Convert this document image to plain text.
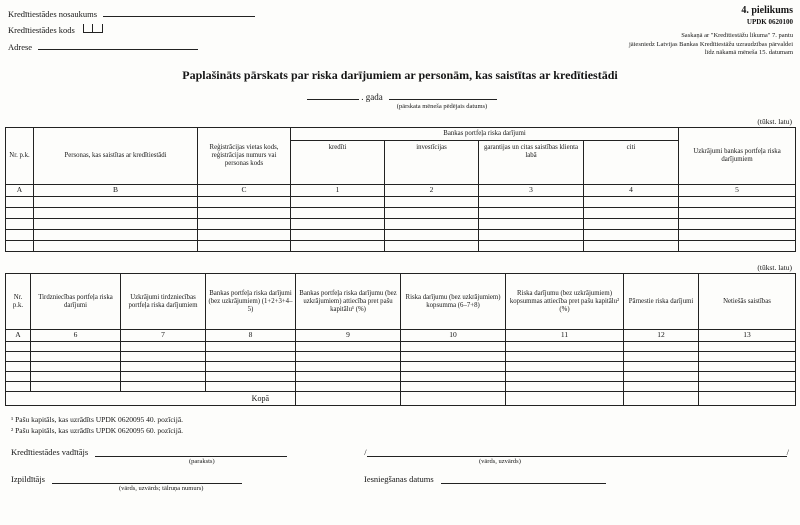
Kredītiestādes nosaukums
Kredītiestādes kods
Adrese
4. pielikums
UPDK 0620100
Saskaņā ar "Kredītiestāžu likuma" 7. pantu
jāiesniedz Latvijas Bankas Kredītiestāžu uzraudzības pārvaldei
līdz nākamā mēneša 15. datumam
Paplašināts pārskats par riska darījumiem ar personām, kas saistītas ar kredītiestādi
. gada
(pārskata mēneša pēdējais datums)
(tūkst. latu)
Nr. p.k.	Personas, kas saistītas ar kredītiestādi	Reģistrācijas vietas kods, reģistrācijas numurs vai personas kods	Bankas portfeļa riska darījumi				Uzkrājumi bankas portfeļa riska darījumiem
			kredīti	investīcijas	garantijas un citas saistības klienta labā	citi	
A	B	C	1	2	3	4	5

(tūkst. latu)
Nr. p.k.	Tirdzniecības portfeļa riska darījumi	Uzkrājumi tirdzniecības portfeļa riska darījumiem	Bankas portfeļa riska darījumi (bez uzkrājumiem) (1+2+3+4–5)	Bankas portfeļa riska darījumu (bez uzkrājumiem) attiecība pret pašu kapitālu¹ (%)	Riska darījumu (bez uzkrājumiem) kopsumma (6–7+8)	Riska darījumu (bez uzkrājumiem) kopsummas attiecība pret pašu kapitālu² (%)	Pārnestie riska darījumi	Netiešās saistības
A	6	7	8	9	10	11	12	13

Kopā								
¹ Pašu kapitāls, kas uzrādīts UPDK 0620095 40. pozīcijā.
² Pašu kapitāls, kas uzrādīts UPDK 0620095 60. pozīcijā.
Kredītiestādes vadītājs	/	/
(paraksts)	(vārds, uzvārds)
Izpildītājs	Iesniegšanas datums
(vārds, uzvārds; tālruņa numurs)
